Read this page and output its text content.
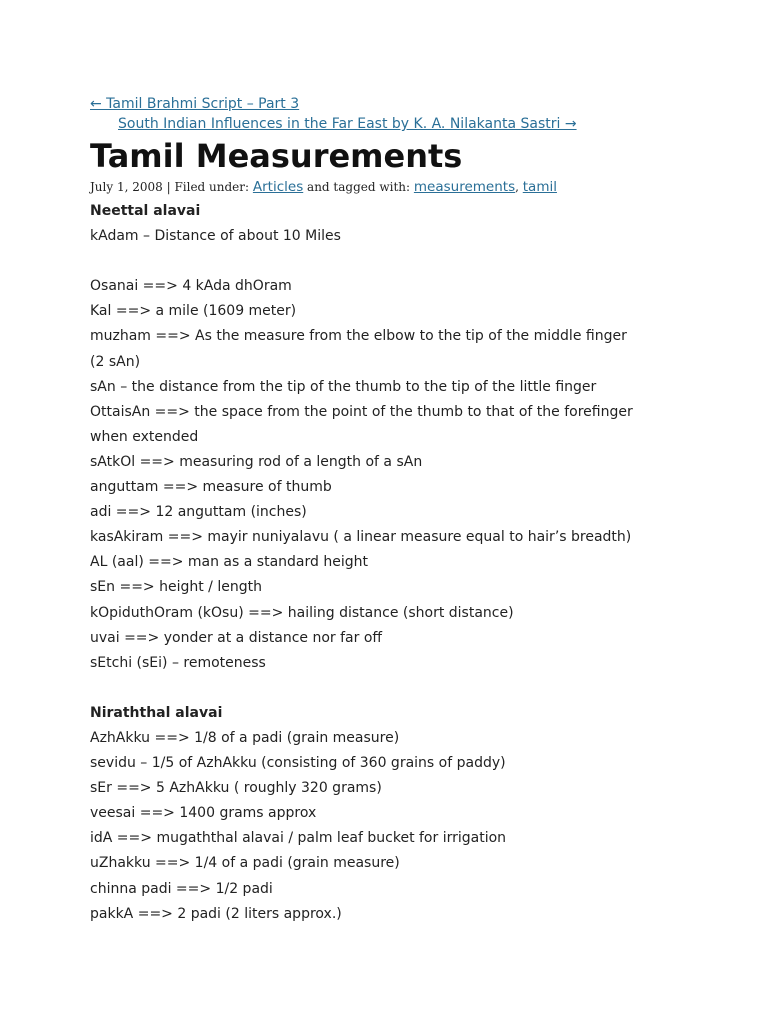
← Tamil Brahmi Script – Part 3
South Indian Influences in the Far East by K. A. Nilakanta Sastri →
Tamil Measurements
July 1, 2008 | Filed under: Articles and tagged with: measurements, tamil

Neettal alavai

kAdam – Distance of about 10 Miles

Osanai ==> 4 kAda dhOram

Kal ==> a mile (1609 meter)

muzham ==> As the measure from the elbow to the tip of the middle finger

(2 sAn)

sAn – the distance from the tip of the thumb to the tip of the little finger

OttaisAn ==> the space from the point of the thumb to that of the forefinger

when extended

sAtkOl ==> measuring rod of a length of a sAn

anguttam ==> measure of thumb

adi ==> 12 anguttam (inches)

kasAkiram ==> mayir nuniyalavu ( a linear measure equal to hair’s breadth)

AL (aal) ==> man as a standard height

sEn ==> height / length

kOpiduthOram (kOsu) ==> hailing distance (short distance)

uvai ==> yonder at a distance nor far off

sEtchi (sEi) – remoteness

Niraththal alavai

AzhAkku ==> 1/8 of a padi (grain measure)

sevidu – 1/5 of AzhAkku (consisting of 360 grains of paddy)

sEr ==> 5 AzhAkku ( roughly 320 grams)

veesai ==> 1400 grams approx

idA ==> mugaththal alavai / palm leaf bucket for irrigation

uZhakku ==> 1/4 of a padi (grain measure)

chinna padi ==> 1/2 padi

pakkA ==> 2 padi (2 liters approx.)
